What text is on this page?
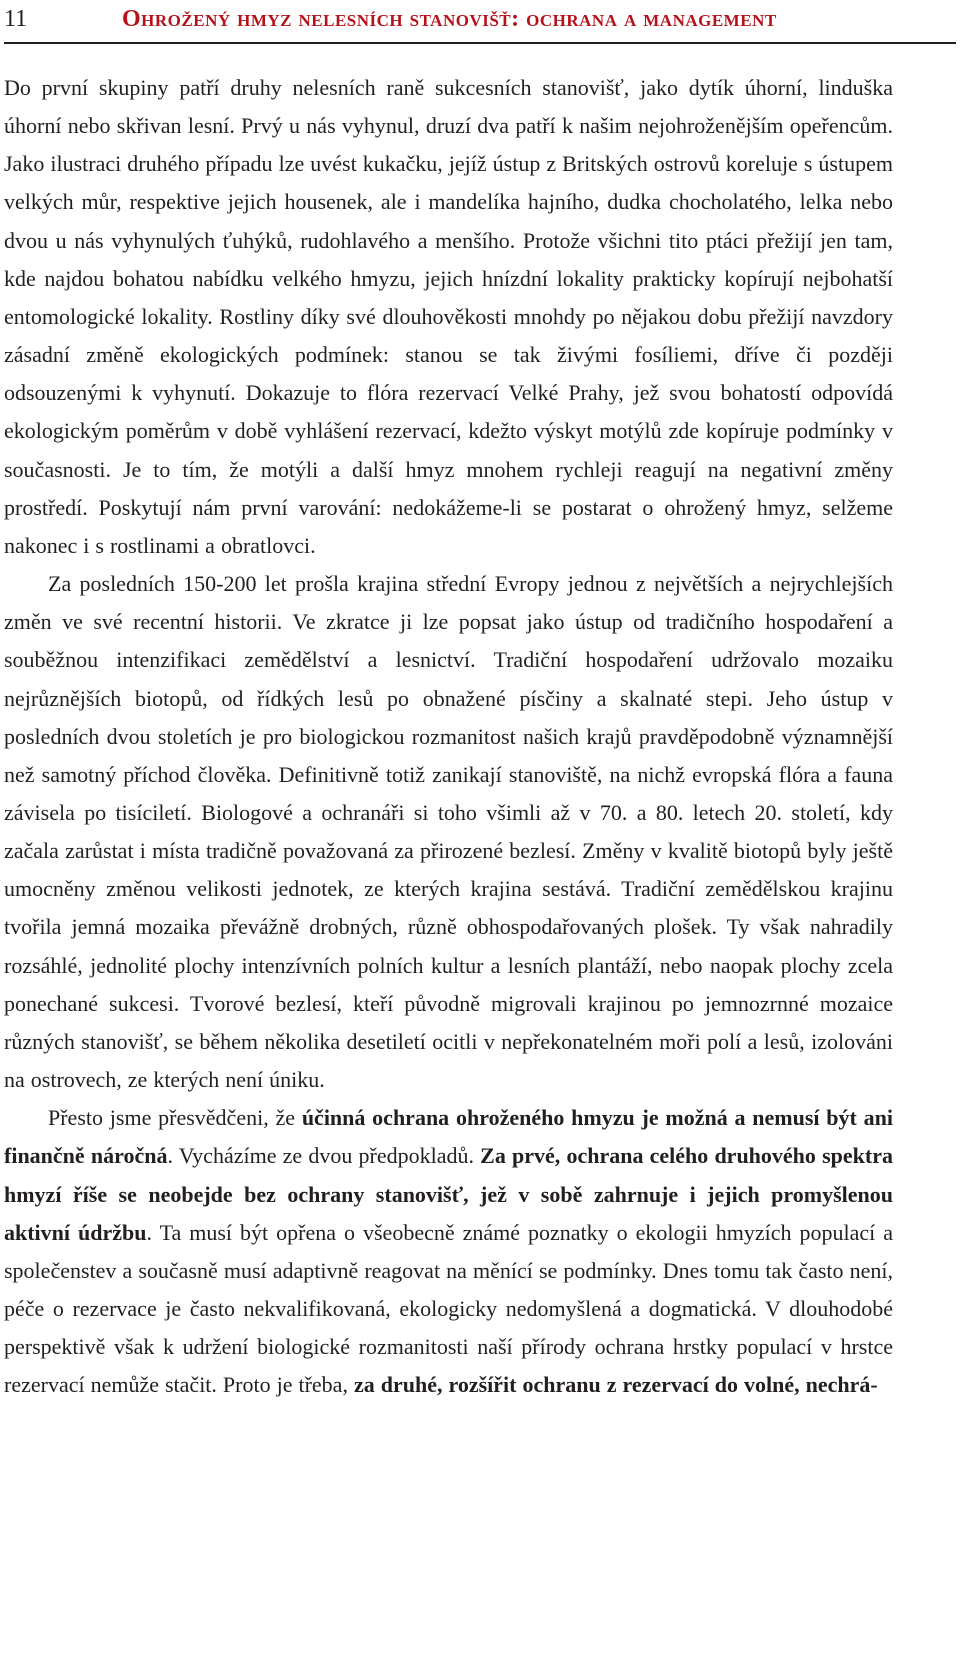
11	Ohrožený hmyz nelesních stanovišť: ochrana a management

Do první skupiny patří druhy nelesních raně sukcesních stanovišť, jako dytík úhorní, linduška úhorní nebo skřivan lesní. Prvý u nás vyhynul, druzí dva patří k našim nejohroženějším opeřencům. Jako ilustraci druhého případu lze uvést kukačku, jejíž ústup z Britských ostrovů koreluje s ústupem velkých můr, respektive jejich housenek, ale i mandelíka hajního, dudka chocholatého, lelka nebo dvou u nás vyhynulých ťuhýků, rudohlavého a menšího. Protože všichni tito ptáci přežijí jen tam, kde najdou bohatou nabídku velkého hmyzu, jejich hnízdní lokality prakticky kopírují nejbohatší entomologické lokality. Rostliny díky své dlouhověkosti mnohdy po nějakou dobu přežijí navzdory zásadní změně ekologických podmínek: stanou se tak živými fosíliemi, dříve či později odsouzenými k vyhynutí. Dokazuje to flóra rezervací Velké Prahy, jež svou bohatostí odpovídá ekologickým poměrům v době vyhlášení rezervací, kdežto výskyt motýlů zde kopíruje podmínky v současnosti. Je to tím, že motýli a další hmyz mnohem rychleji reagují na negativní změny prostředí. Poskytují nám první varování: nedokážeme-li se postarat o ohrožený hmyz, selžeme nakonec i s rostlinami a obratlovci.

Za posledních 150-200 let prošla krajina střední Evropy jednou z největších a nejrychlejších změn ve své recentní historii. Ve zkratce ji lze popsat jako ústup od tradičního hospodaření a souběžnou intenzifikaci zemědělství a lesnictví. Tradiční hospodaření udržovalo mozaiku nejrůznějších biotopů, od řídkých lesů po obnažené písčiny a skalnaté stepi. Jeho ústup v posledních dvou stoletích je pro biologickou rozmanitost našich krajů pravděpodobně významnější než samotný příchod člověka. Definitivně totiž zanikají stanoviště, na nichž evropská flóra a fauna závisela po tisíciletí. Biologové a ochranáři si toho všimli až v 70. a 80. letech 20. století, kdy začala zarůstat i místa tradičně považovaná za přirozené bezlesí. Změny v kvalitě biotopů byly ještě umocněny změnou velikosti jednotek, ze kterých krajina sestává. Tradiční zemědělskou krajinu tvořila jemná mozaika převážně drobných, různě obhospodařovaných plošek. Ty však nahradily rozsáhlé, jednolité plochy intenzívních polních kultur a lesních plantáží, nebo naopak plochy zcela ponechané sukcesi. Tvorové bezlesí, kteří původně migrovali krajinou po jemnozrnné mozaice různých stanovišť, se během několika desetiletí ocitli v nepřekonatelném moři polí a lesů, izolováni na ostrovech, ze kterých není úniku.

Přesto jsme přesvědčeni, že účinná ochrana ohroženého hmyzu je možná a nemusí být ani finančně náročná. Vycházíme ze dvou předpokladů. Za prvé, ochrana celého druhového spektra hmyzí říše se neobejde bez ochrany stanovišť, jež v sobě zahrnuje i jejich promyšlenou aktivní údržbu. Ta musí být opřena o všeobecně známé poznatky o ekologii hmyzích populací a společenstev a současně musí adaptivně reagovat na měnící se podmínky. Dnes tomu tak často není, péče o rezervace je často nekvalifikovaná, ekologicky nedomyšlená a dogmatická. V dlouhodobé perspektivě však k udržení biologické rozmanitosti naší přírody ochrana hrstky populací v hrstce rezervací nemůže stačit. Proto je třeba, za druhé, rozšířit ochranu z rezervací do volné, nechrá-
